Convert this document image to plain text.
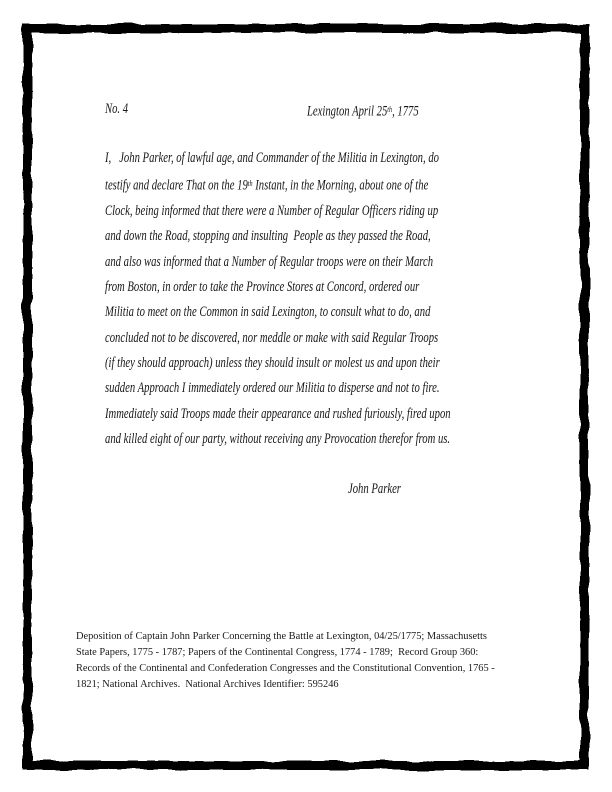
No. 4	Lexington April 25th, 1775
I,   John Parker, of lawful age, and Commander of the Militia in Lexington, do
testify and declare That on the 19th Instant, in the Morning, about one of the
Clock, being informed that there were a Number of Regular Officers riding up
and down the Road, stopping and insulting  People as they passed the Road,
and also was informed that a Number of Regular troops were on their March
from Boston, in order to take the Province Stores at Concord, ordered our
Militia to meet on the Common in said Lexington, to consult what to do, and
concluded not to be discovered, nor meddle or make with said Regular Troops
(if they should approach) unless they should insult or molest us and upon their
sudden Approach I immediately ordered our Militia to disperse and not to fire.
Immediately said Troops made their appearance and rushed furiously, fired upon
and killed eight of our party, without receiving any Provocation therefor from us.
John Parker
Deposition of Captain John Parker Concerning the Battle at Lexington, 04/25/1775; Massachusetts
State Papers, 1775 - 1787; Papers of the Continental Congress, 1774 - 1789;  Record Group 360:
Records of the Continental and Confederation Congresses and the Constitutional Convention, 1765 -
1821; National Archives.  National Archives Identifier: 595246
